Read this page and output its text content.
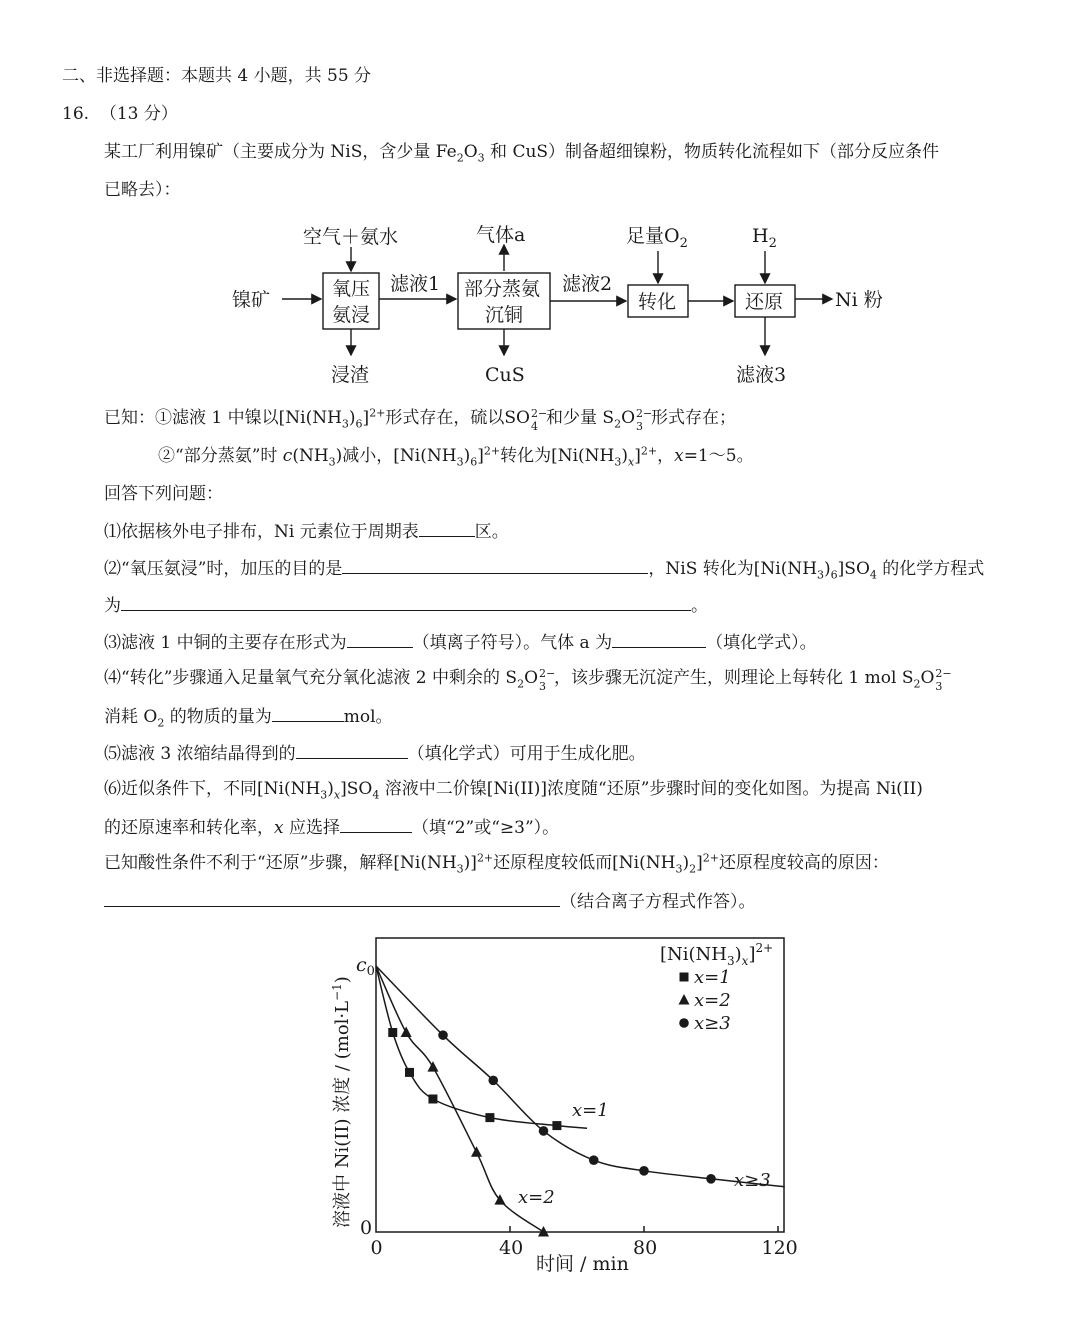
二、非选择题：本题共 4 小题，共 55 分
16. （13 分）
某工厂利用镍矿（主要成分为 NiS，含少量 $Fe_2O_3$ 和 CuS）制备超细镍粉，物质转化流程如下（部分反应条件
已略去）：
镍矿	氧压
氨浸
空气＋氨水
浸渣
滤液1 部分蒸氨
沉铜
气体a
CuS
滤液2
转化
足量$O_2$
还原
$H_2$
滤液3
Ni 粉
已知：①滤液 1 中镍以$[Ni(NH_3)_6]^{2+}$形式存在，硫以SO 2−
4 和少量 $S_2O$ 2−
3 形式存在；
②“部分蒸氨”时 $c(NH_3)$减小，$[Ni(NH_3)_6]^{2+}$转化为$[Ni(NH_3)_x]^{2+}$，x=1～5。
回答下列问题：
⑴依据核外电子排布，Ni 元素位于周期表	区。
⑵“氧压氨浸”时，加压的目的是	，NiS 转化为$[Ni(NH_3)_6]SO_4$ 的化学方程式
为	。
⑶滤液 1 中铜的主要存在形式为	（填离子符号）。气体 a 为	（填化学式）。
⑷“转化”步骤通入足量氧气充分氧化滤液 2 中剩余的 $S_2O$ 2−
3 ，该步骤无沉淀产生，则理论上每转化 1 mol $S_2O$ 2−
3
消耗 $O_2$ 的物质的量为	mol。
⑸滤液 3 浓缩结晶得到的	（填化学式）可用于生成化肥。
⑹近似条件下，不同$[Ni(NH_3)_x]SO_4$ 溶液中二价镍[Ni(II)]浓度随“还原”步骤时间的变化如图。为提高 Ni(II)
的还原速率和转化率，x 应选择	（填“2”或“≥3”）。
已知酸性条件不利于“还原”步骤，解释$[Ni(NH_3)]^{2+}$还原程度较低而$[Ni(NH_3)_2]^{2+}$还原程度较高的原因：
（结合离子方程式作答）。
0	40	80	120
$c_0$
0
时间 / min
溶液中 Ni(II) 浓度 / $(mol\cdot L^{-1})$
$[Ni(NH_3)_x]^{2+}$
x=1
x=2
x≥3
x=1
x=2
x≥3
